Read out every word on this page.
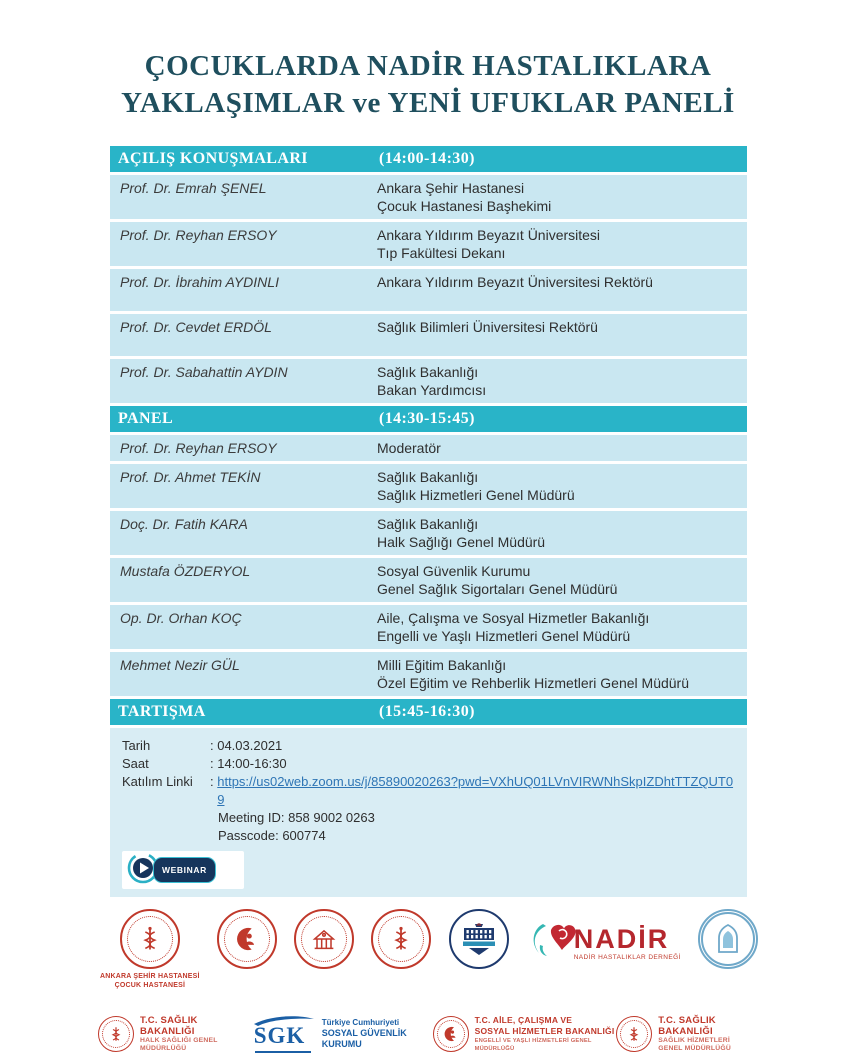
ÇOCUKLARDA NADİR HASTALIKLARA
YAKLAŞIMLAR ve YENİ UFUKLAR PANELİ
AÇILIŞ KONUŞMALARI	(14:00-14:30)
Prof. Dr. Emrah ŞENEL	Ankara Şehir Hastanesi
Çocuk Hastanesi Başhekimi
Prof. Dr. Reyhan ERSOY	Ankara Yıldırım Beyazıt Üniversitesi
Tıp Fakültesi Dekanı
Prof. Dr. İbrahim AYDINLI	Ankara Yıldırım Beyazıt Üniversitesi Rektörü
Prof. Dr. Cevdet ERDÖL	Sağlık Bilimleri Üniversitesi Rektörü
Prof. Dr. Sabahattin AYDIN	Sağlık Bakanlığı
Bakan Yardımcısı
PANEL	(14:30-15:45)
Prof. Dr. Reyhan ERSOY	Moderatör
Prof. Dr. Ahmet TEKİN	Sağlık Bakanlığı
Sağlık Hizmetleri Genel Müdürü
Doç. Dr. Fatih KARA	Sağlık Bakanlığı
Halk Sağlığı Genel Müdürü
Mustafa ÖZDERYOL	Sosyal Güvenlik Kurumu
Genel Sağlık Sigortaları Genel Müdürü
Op. Dr. Orhan KOÇ	Aile, Çalışma ve Sosyal Hizmetler Bakanlığı
Engelli ve Yaşlı Hizmetleri Genel Müdürü
Mehmet Nezir GÜL	Milli Eğitim Bakanlığı
Özel Eğitim ve Rehberlik Hizmetleri Genel Müdürü
TARTIŞMA	(15:45-16:30)
Tarih	: 04.03.2021
Saat	: 14:00-16:30
Katılım Linki	:
https://us02web.zoom.us/j/85890020263?pwd=VXhUQ01LVnVIRWNhSkpIZDhtTTZQUT09
Meeting ID: 858 9002 0263
Passcode: 600774
WEBINAR
ANKARA ŞEHİR HASTANESİ
ÇOCUK HASTANESİ
NADİR
NADİR HASTALIKLAR DERNEĞİ
T.C. SAĞLIK BAKANLIĞI
HALK SAĞLIĞI GENEL MÜDÜRLÜĞÜ
SGK
Türkiye Cumhuriyeti
SOSYAL GÜVENLİK KURUMU
T.C. AİLE, ÇALIŞMA VE
SOSYAL HİZMETLER BAKANLIĞI
ENGELLİ VE YAŞLI HİZMETLERİ GENEL MÜDÜRLÜĞÜ
T.C. SAĞLIK BAKANLIĞI
SAĞLIK HİZMETLERİ
GENEL MÜDÜRLÜĞÜ
